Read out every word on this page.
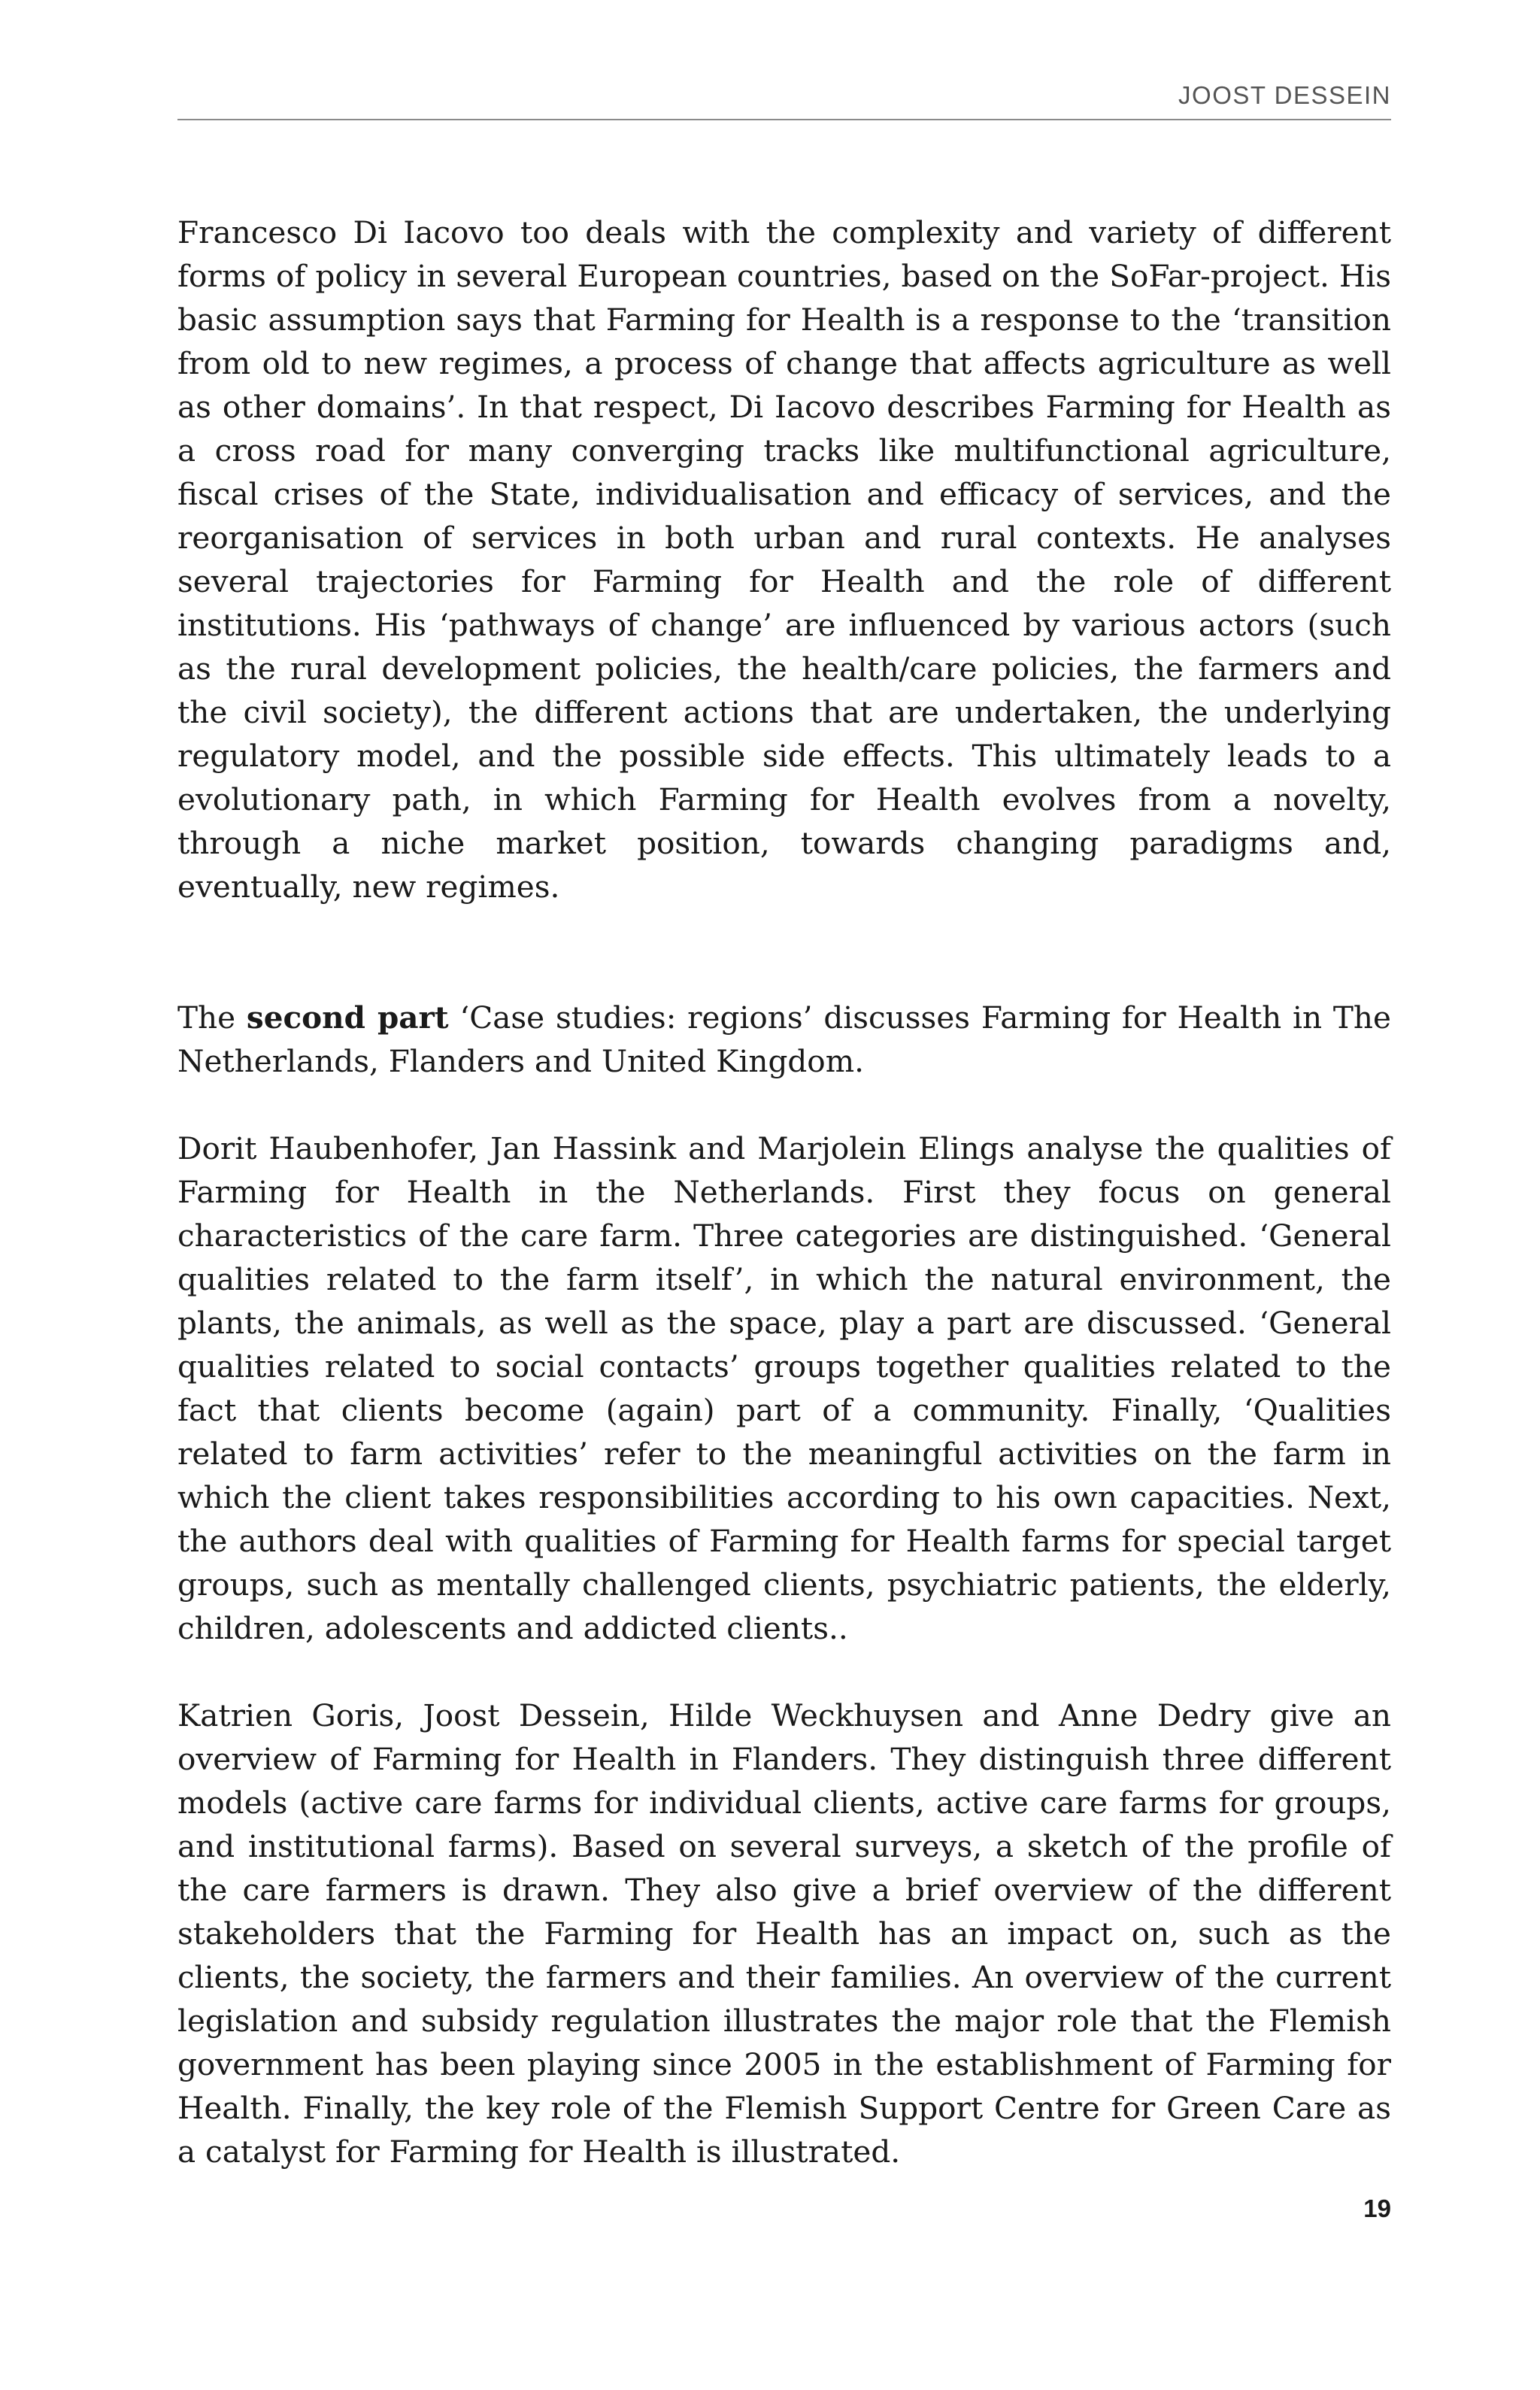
JOOST DESSEIN

Francesco Di Iacovo too deals with the complexity and variety of different forms of policy in several European countries, based on the SoFar-project. His basic assumption says that Farming for Health is a response to the ‘transition from old to new regimes, a process of change that affects agriculture as well as other domains’. In that respect, Di Iacovo describes Farming for Health as a cross road for many converging tracks like multifunctional agriculture, fiscal crises of the State, individualisation and efficacy of services, and the reorganisation of services in both urban and rural contexts. He analyses several trajectories for Farming for Health and the role of different institutions. His ‘pathways of change’ are influenced by various actors (such as the rural development policies, the health/care policies, the farmers and the civil society), the different actions that are undertaken, the underlying regulatory model, and the possible side effects. This ultimately leads to a evolutionary path, in which Farming for Health evolves from a novelty, through a niche market position, towards changing paradigms and, eventually, new regimes.

The second part ‘Case studies: regions’ discusses Farming for Health in The Netherlands, Flanders and United Kingdom.

Dorit Haubenhofer, Jan Hassink and Marjolein Elings analyse the qualities of Farming for Health in the Netherlands. First they focus on general characteristics of the care farm. Three categories are distinguished. ‘General qualities related to the farm itself’, in which the natural environment, the plants, the animals, as well as the space, play a part are discussed. ‘General qualities related to social contacts’ groups together qualities related to the fact that clients become (again) part of a community. Finally, ‘Qualities related to farm activities’ refer to the meaningful activities on the farm in which the client takes responsibilities according to his own capacities. Next, the authors deal with qualities of Farming for Health farms for special target groups, such as mentally challenged clients, psychiatric patients, the elderly, children, adolescents and addicted clients..

Katrien Goris, Joost Dessein, Hilde Weckhuysen and Anne Dedry give an overview of Farming for Health in Flanders. They distinguish three different models (active care farms for individual clients, active care farms for groups, and institutional farms). Based on several surveys, a sketch of the profile of the care farmers is drawn. They also give a brief overview of the different stakeholders that the Farming for Health has an impact on, such as the clients, the society, the farmers and their families. An overview of the current legislation and subsidy regulation illustrates the major role that the Flemish government has been playing since 2005 in the establishment of Farming for Health. Finally, the key role of the Flemish Support Centre for Green Care as a catalyst for Farming for Health is illustrated.

19
